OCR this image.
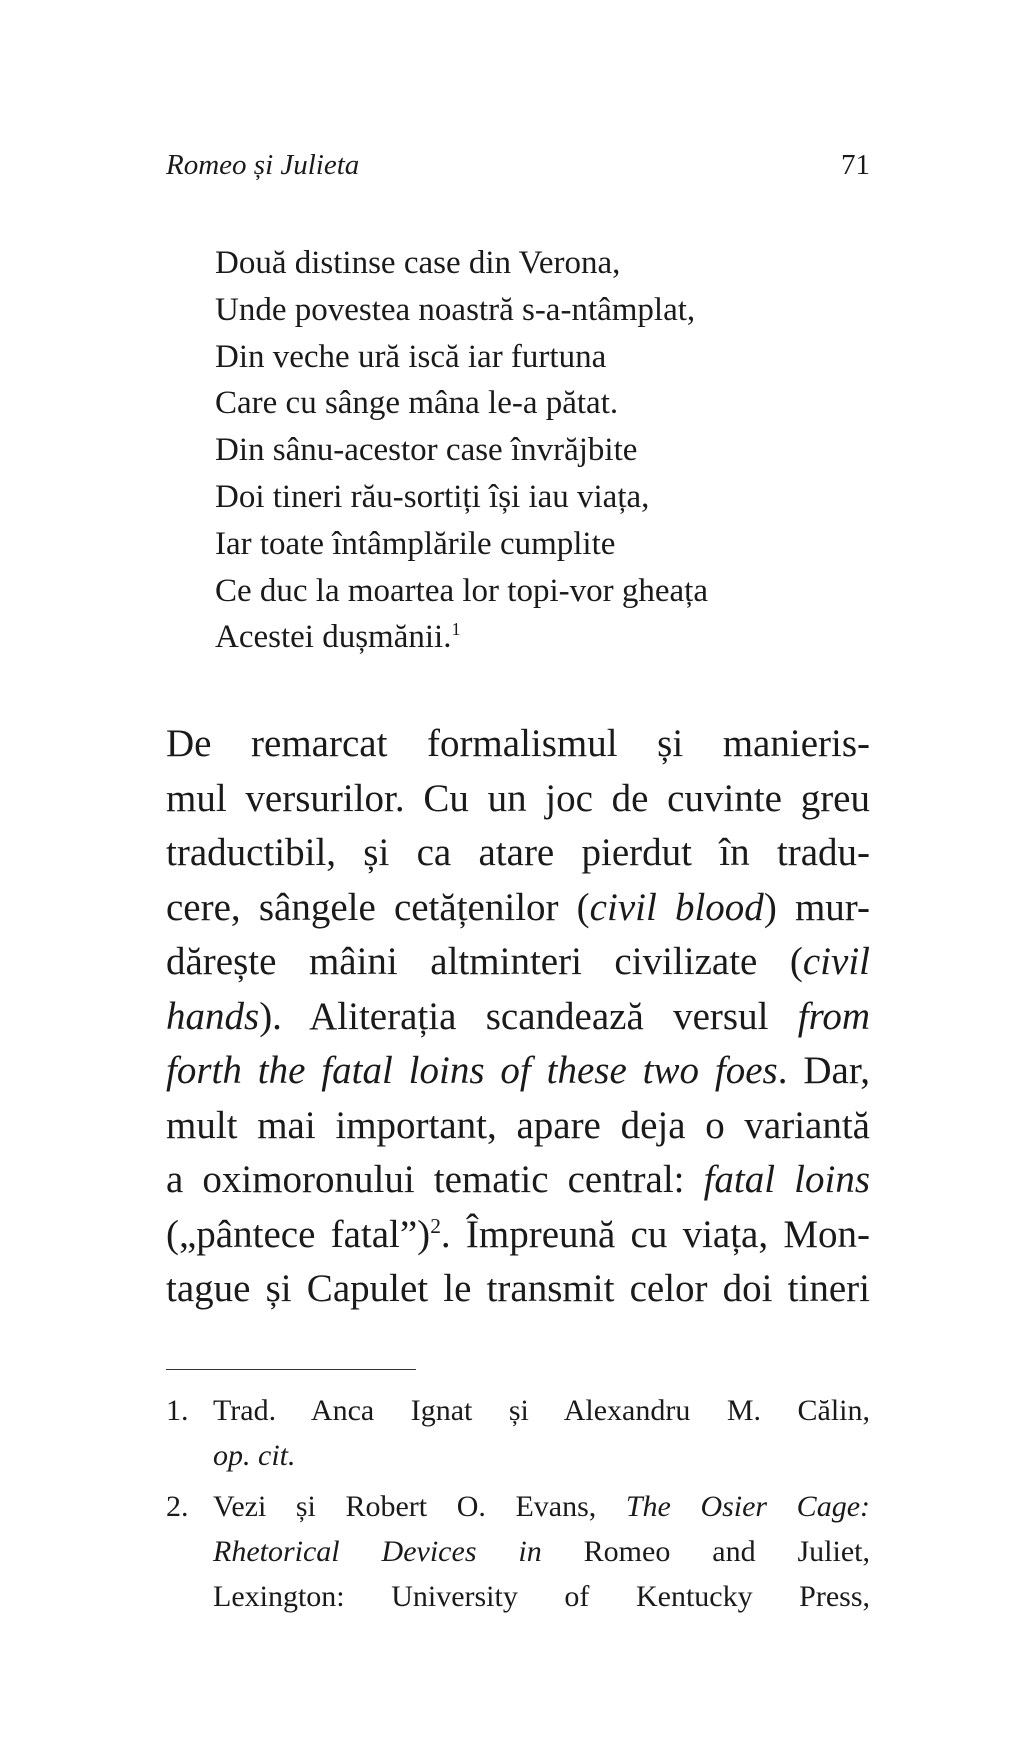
Romeo și Julieta	71
Două distinse case din Verona,
Unde povestea noastră s-a-ntâmplat,
Din veche ură iscă iar furtuna
Care cu sânge mâna le-a pătat.
Din sânu-acestor case învrăjbite
Doi tineri rău-sortiți își iau viața,
Iar toate întâmplările cumplite
Ce duc la moartea lor topi-vor gheața
Acestei dușmănii.$^1$
De remarcat formalismul și manieris-
mul versurilor. Cu un joc de cuvinte greu
traductibil, și ca atare pierdut în tradu-
cere, sângele cetățenilor (civil blood) mur-
dărește mâini altminteri civilizate (civil
hands). Aliterația scandează versul from
forth the fatal loins of these two foes. Dar,
mult mai important, apare deja o variantă
a oximoronului tematic central: fatal loins
(„pântece fatal”)$^2$. Împreună cu viața, Mon-
tague și Capulet le transmit celor doi tineri
1. Trad. Anca Ignat și Alexandru M. Călin,
op. cit.
2. Vezi și Robert O. Evans, The Osier Cage:
Rhetorical Devices in Romeo and Juliet,
Lexington: University of Kentucky Press,
